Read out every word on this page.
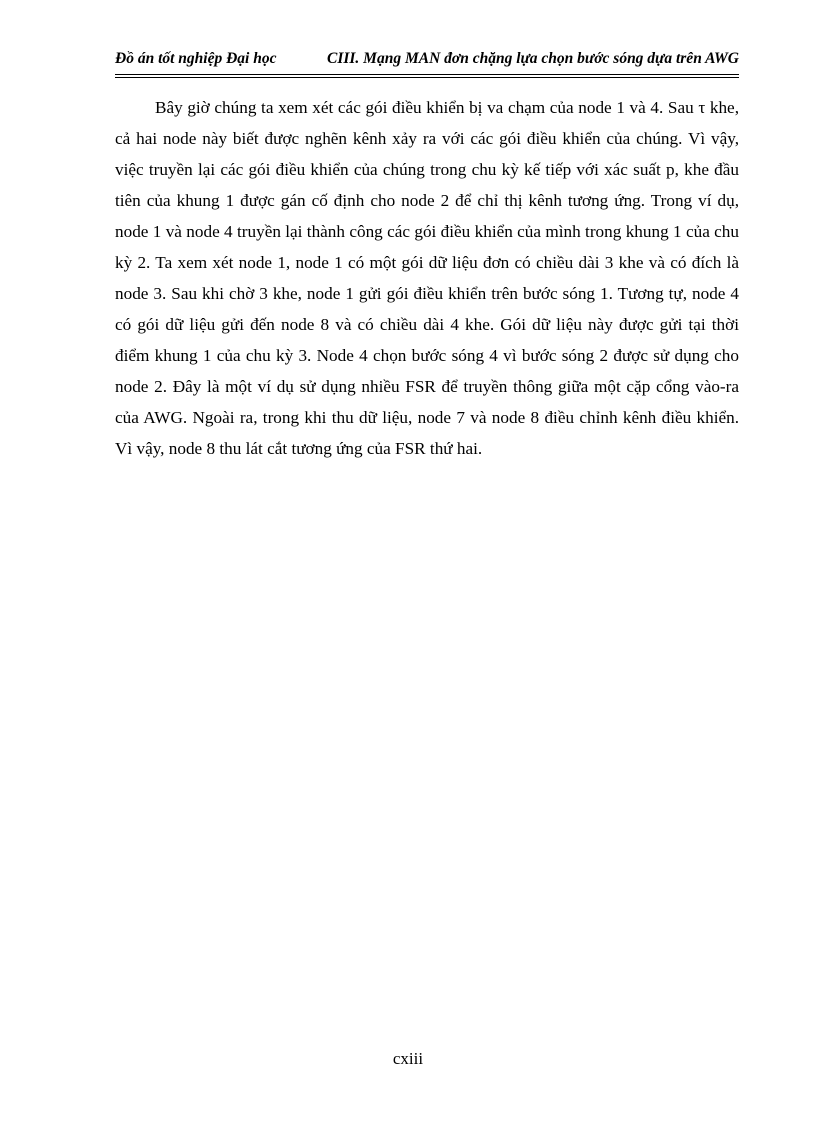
Đồ án tốt nghiệp Đại học	CIII. Mạng MAN đơn chặng lựa chọn bước sóng dựa trên AWG

Bây giờ chúng ta xem xét các gói điều khiển bị va chạm của node 1 và 4. Sau τ khe, cả hai node này biết được nghẽn kênh xảy ra với các gói điều khiển của chúng. Vì vậy, việc truyền lại các gói điều khiển của chúng trong chu kỳ kế tiếp với xác suất p, khe đầu tiên của khung 1 được gán cố định cho node 2 để chỉ thị kênh tương ứng. Trong ví dụ, node 1 và node 4 truyền lại thành công các gói điều khiển của mình trong khung 1 của chu kỳ 2. Ta xem xét node 1, node 1 có một gói dữ liệu đơn có chiều dài 3 khe và có đích là node 3. Sau khi chờ 3 khe, node 1 gửi gói điều khiển trên bước sóng 1. Tương tự, node 4 có gói dữ liệu gửi đến node 8 và có chiều dài 4 khe. Gói dữ liệu này được gửi tại thời điểm khung 1 của chu kỳ 3. Node 4 chọn bước sóng 4 vì bước sóng 2 được sử dụng cho node 2. Đây là một ví dụ sử dụng nhiều FSR để truyền thông giữa một cặp cổng vào-ra của AWG. Ngoài ra, trong khi thu dữ liệu, node 7 và node 8 điều chỉnh kênh điều khiển. Vì vậy, node 8 thu lát cắt tương ứng của FSR thứ hai.

cxiii
